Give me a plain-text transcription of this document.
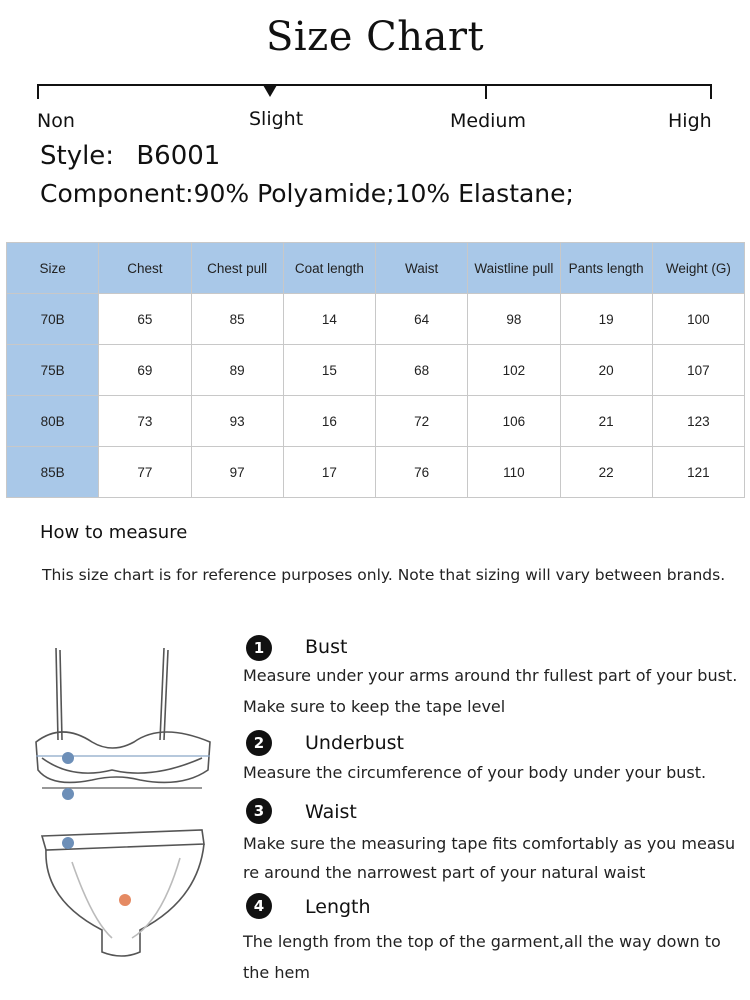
Size Chart
Non	Slight	Medium	High
Style: B6001
Component:90% Polyamide;10% Elastane;
Size	Chest	Chest pull	Coat length	Waist	Waistline pull	Pants length	Weight (G)
70B	65	85	14	64	98	19	100
75B	69	89	15	68	102	20	107
80B	73	93	16	72	106	21	123
85B	77	97	17	76	110	22	121
How to measure
This size chart is for reference purposes only. Note that sizing will vary between brands.
1	Bust
Measure under your arms around thr fullest part of your bust.
Make sure to keep the tape level
2	Underbust
Measure the circumference of your body under your bust.
3	Waist
Make sure the measuring tape fits comfortably as you measu
re around the narrowest part of your natural waist
4	Length
The length from the top of the garment,all the way down to
the hem
